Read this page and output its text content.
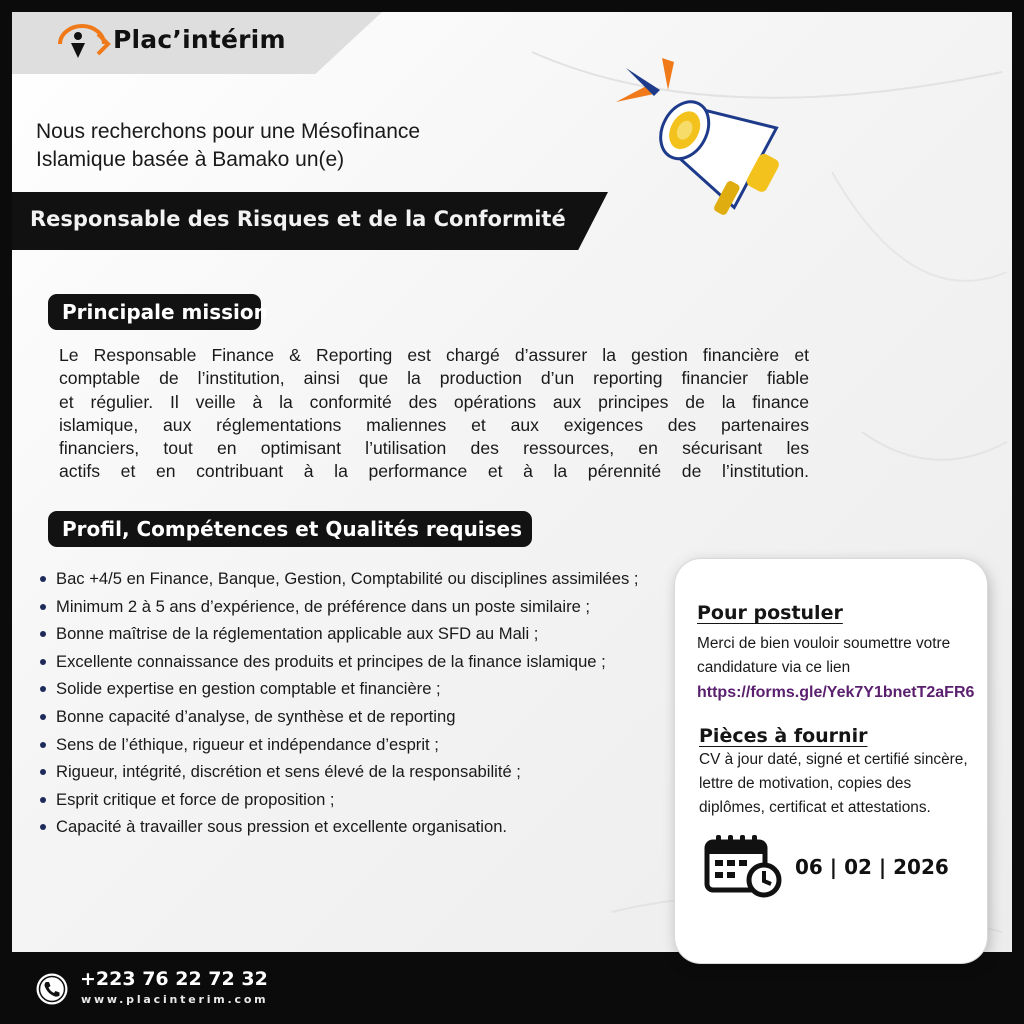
Plac’intérim
Nous recherchons pour une Mésofinance
Islamique basée à Bamako un(e)
Responsable des Risques et de la Conformité
Principale mission
Le Responsable Finance & Reporting est chargé d’assurer la gestion financière et
comptable de l’institution, ainsi que la production d’un reporting financier fiable
et régulier. Il veille à la conformité des opérations aux principes de la finance
islamique, aux réglementations maliennes et aux exigences des partenaires
financiers, tout en optimisant l’utilisation des ressources, en sécurisant les
actifs et en contribuant à la performance et à la pérennité de l’institution.
Profil, Compétences et Qualités requises
Bac +4/5 en Finance, Banque, Gestion, Comptabilité ou disciplines assimilées ;
Minimum 2 à 5 ans d’expérience, de préférence dans un poste similaire ;
Bonne maîtrise de la réglementation applicable aux SFD au Mali ;
Excellente connaissance des produits et principes de la finance islamique ;
Solide expertise en gestion comptable et financière ;
Bonne capacité d’analyse, de synthèse et de reporting
Sens de l’éthique, rigueur et indépendance d’esprit ;
Rigueur, intégrité, discrétion et sens élevé de la responsabilité ;
Esprit critique et force de proposition ;
Capacité à travailler sous pression et excellente organisation.
Pour postuler
Merci de bien vouloir soumettre votre
candidature via ce lien
https://forms.gle/Yek7Y1bnetT2aFR6
Pièces à fournir
CV à jour daté, signé et certifié sincère,
lettre de motivation, copies des
diplômes, certificat et attestations.
06 | 02 | 2026
+223 76 22 72 32
www.placinterim.com
